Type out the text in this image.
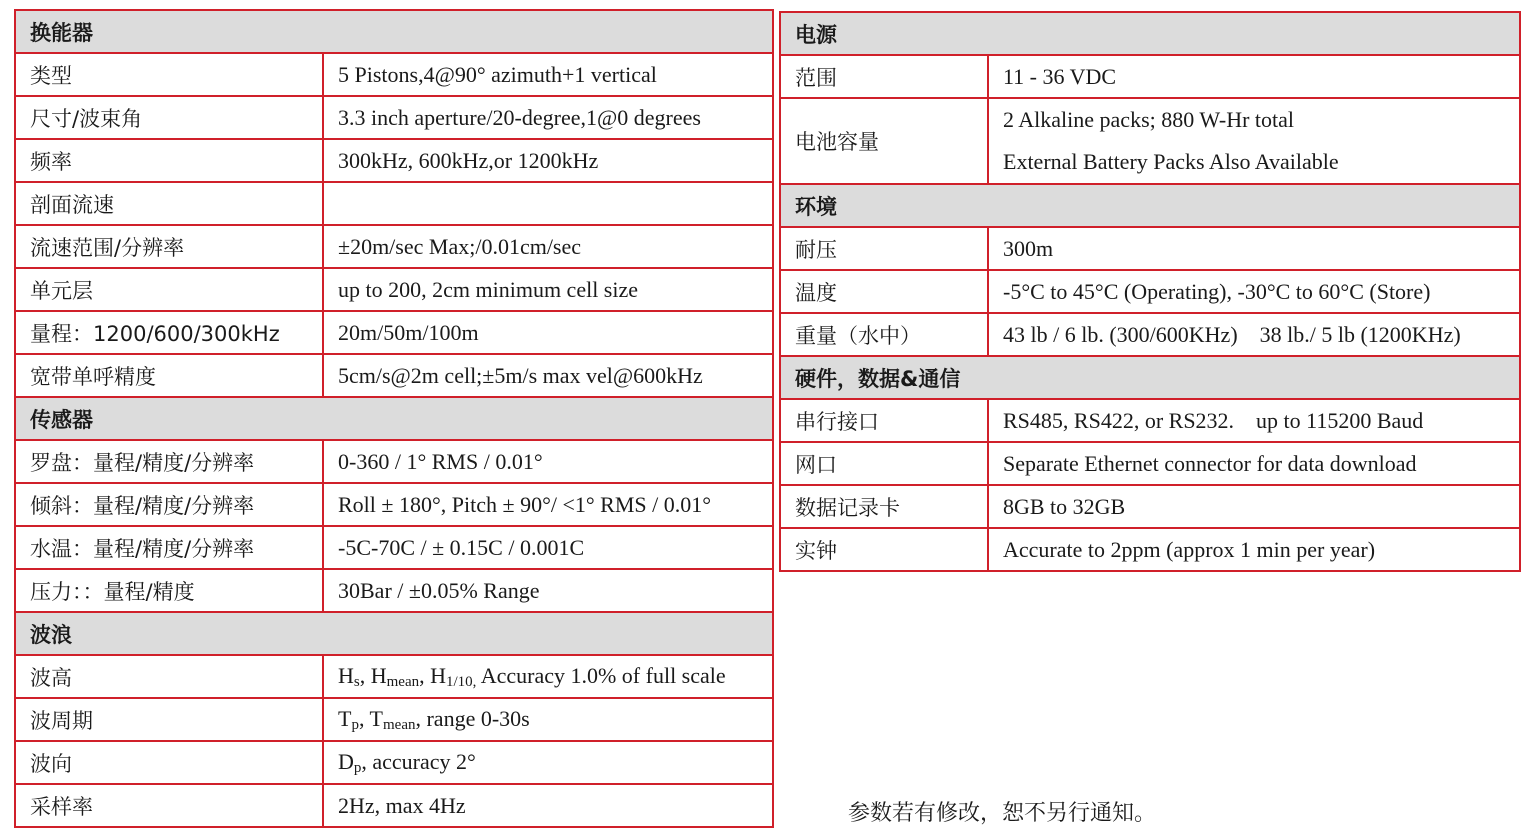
换能器	
类型	5 Pistons,4@90° azimuth+1 vertical
尺寸/波束角	3.3 inch aperture/20-degree,1@0 degrees
频率	300kHz, 600kHz,or 1200kHz
剖面流速	
流速范围/分辨率	±20m/sec Max;/0.01cm/sec
单元层	up to 200, 2cm minimum cell size
量程：1200/600/300kHz	20m/50m/100m
宽带单呼精度	5cm/s@2m cell;±5m/s max vel@600kHz
传感器	
罗盘：量程/精度/分辨率	0-360 / 1° RMS / 0.01°
倾斜：量程/精度/分辨率	Roll ± 180°, Pitch ± 90°/ <1° RMS / 0.01°
水温：量程/精度/分辨率	-5C-70C / ± 0.15C / 0.001C
压力：：量程/精度	30Bar / ±0.05% Range
波浪	
波高	$H_s$, $H_{mean}$, $H_{1/10,}$ Accuracy 1.0% of full scale
波周期	$T_p$, $T_{mean}$, range 0-30s
波向	$D_p$, accuracy 2°
采样率	2Hz, max 4Hz
电源	
范围	11 - 36 VDC
电池容量	2 Alkaline packs; 880 W-Hr total
External Battery Packs Also Available

环境	
耐压	300m
温度	-5°C to 45°C (Operating), -30°C to 60°C (Store)
重量（水中）	43 lb / 6 lb. (300/600KHz)    38 lb./ 5 lb (1200KHz)
硬件，数据&通信	
串行接口	RS485, RS422, or RS232.    up to 115200 Baud
网口	Separate Ethernet connector for data download
数据记录卡	8GB to 32GB
实钟	Accurate to 2ppm (approx 1 min per year)
参数若有修改，恕不另行通知。
